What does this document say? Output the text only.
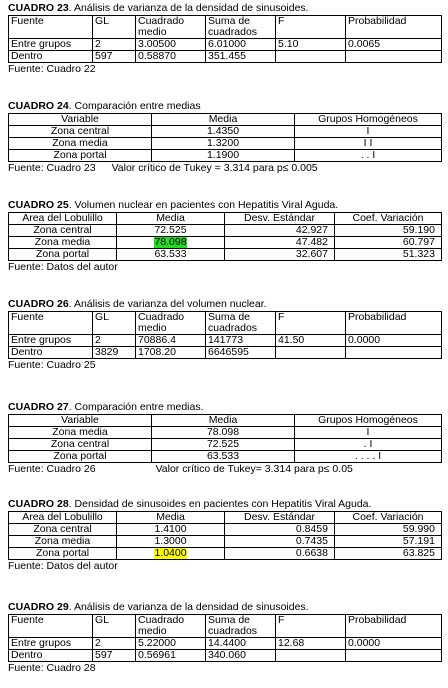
CUADRO 23. Análisis de varianza de la densidad de sinusoides.
Fuente	GL	Cuadrado medio	Suma de cuadrados	F	Probabilidad
Entre grupos	2	3.00500	6.01000	5.10	0.0065
Dentro	597	0.58870	351.455		
Fuente: Cuadro 22
CUADRO 24. Comparación entre medias
Variable	Media	Grupos Homogéneos
Zona central	1.4350	I
Zona media	1.3200	I I
Zona portal	1.1900	. . I
Fuente: Cuadro 23 Valor crítico de Tukey = 3.314 para p≤ 0.005
CUADRO 25. Volumen nuclear en pacientes con Hepatitis Viral Aguda.
Area del Lobulillo	Media	Desv. Estándar	Coef. Variación
Zona central	72.525	42.927	59.190
Zona media	78.098	47.482	60.797
Zona portal	63.533	32.607	51.323
Fuente: Datos del autor
CUADRO 26. Análisis de varianza del volumen nuclear.
Fuente	GL	Cuadrado medio	Suma de cuadrados	F	Probabilidad
Entre grupos	2	70886.4	141773	41.50	0.0000
Dentro	3829	1708.20	6646595		
Fuente: Cuadro 25
CUADRO 27. Comparación entre medias.
Variable	Media	Grupos Homogéneos
Zona media	78.098	I
Zona central	72.525	. I
Zona portal	63.533	. . . . I
Fuente: Cuadro 26	Valor crítico de Tukey= 3.314 para p≤ 0.05
CUADRO 28. Densidad de sinusoides en pacientes con Hepatitis Viral Aguda.
Area del Lobulillo	Media	Desv. Estándar	Coef. Variación
Zona central	1.4100	0.8459	59.990
Zona media	1.3000	0.7435	57.191
Zona portal	1.0400	0.6638	63.825
Fuente: Datos del autor
CUADRO 29. Análisis de varianza de la densidad de sinusoides.
Fuente	GL	Cuadrado medio	Suma de cuadrados	F	Probabilidad
Entre grupos	2	5.22000	14.4400	12.68	0.0000
Dentro	597	0.56961	340.060		
Fuente: Cuadro 28
